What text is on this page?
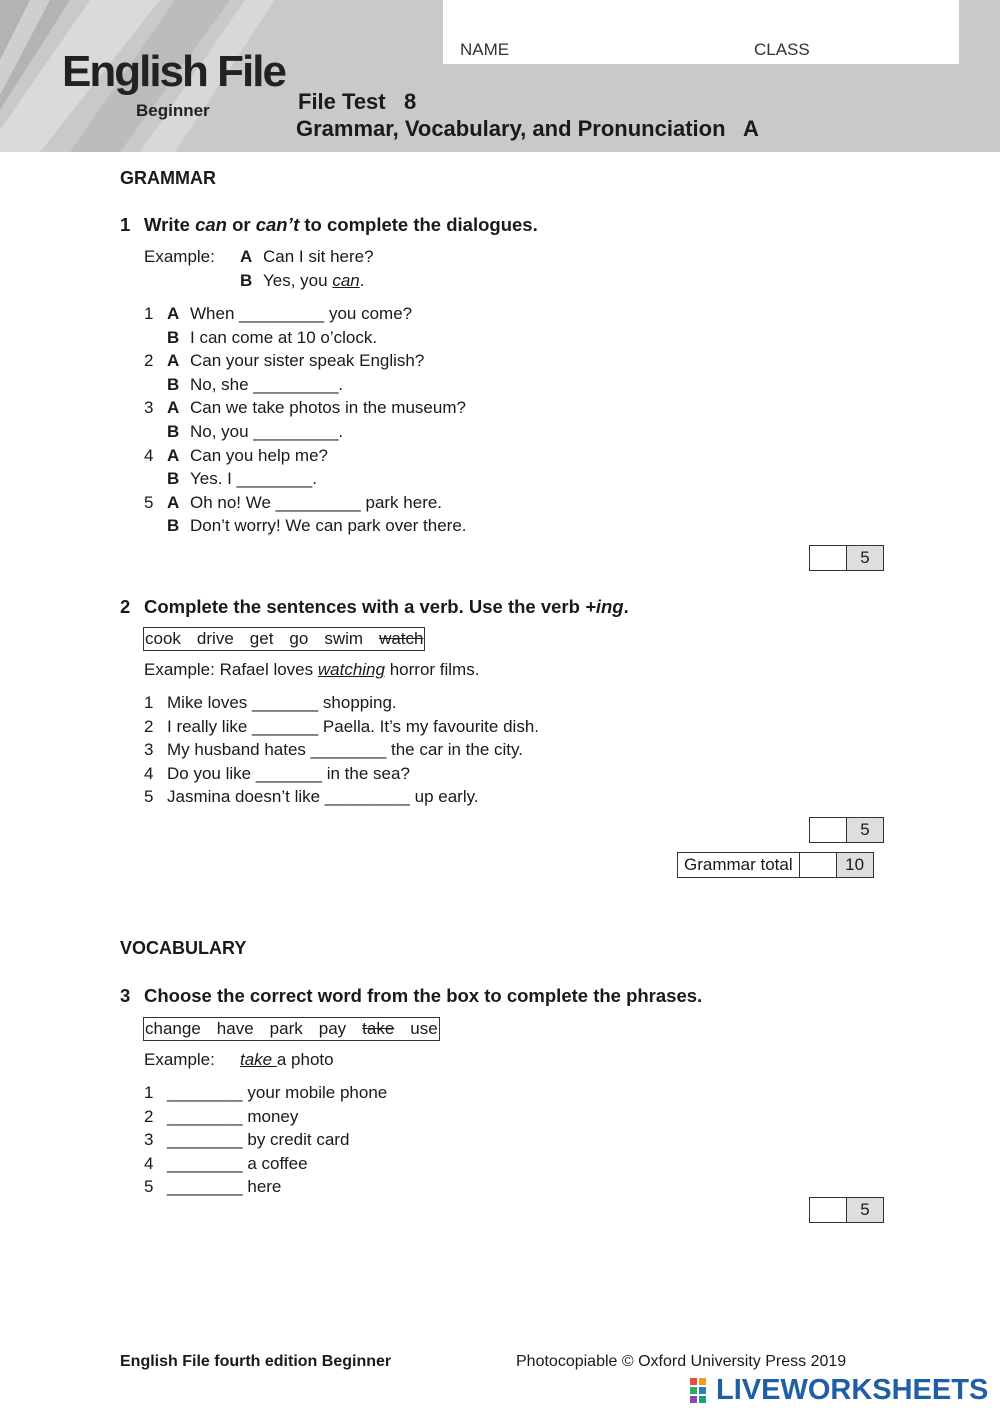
English File
Beginner
NAME	CLASS
File Test   8
Grammar, Vocabulary, and Pronunciation   A
GRAMMAR
1 Write can or can’t to complete the dialogues.
Example: A Can I sit here?
B Yes, you can.
1 A When _________ you come?
B I can come at 10 o’clock.
2 A Can your sister speak English?
B No, she _________.
3 A Can we take photos in the museum?
B No, you _________.
4 A Can you help me?
B Yes. I ________.
5 A Oh no! We _________ park here.
B Don’t worry! We can park over there.
5
2 Complete the sentences with a verb. Use the verb +ing.
cook drive get go swim watch
Example: Rafael loves watching horror films.
1 Mike loves _______ shopping.
2 I really like _______ Paella. It’s my favourite dish.
3 My husband hates ________ the car in the city.
4 Do you like _______ in the sea?
5 Jasmina doesn’t like _________ up early.
5
Grammar total	10
VOCABULARY
3 Choose the correct word from the box to complete the phrases.
change have park pay take use
Example: take a photo
1 ________ your mobile phone
2 ________ money
3 ________ by credit card
4 ________ a coffee
5 ________ here
5
English File fourth edition Beginner	Photocopiable © Oxford University Press 2019
LIVEWORKSHEETS
